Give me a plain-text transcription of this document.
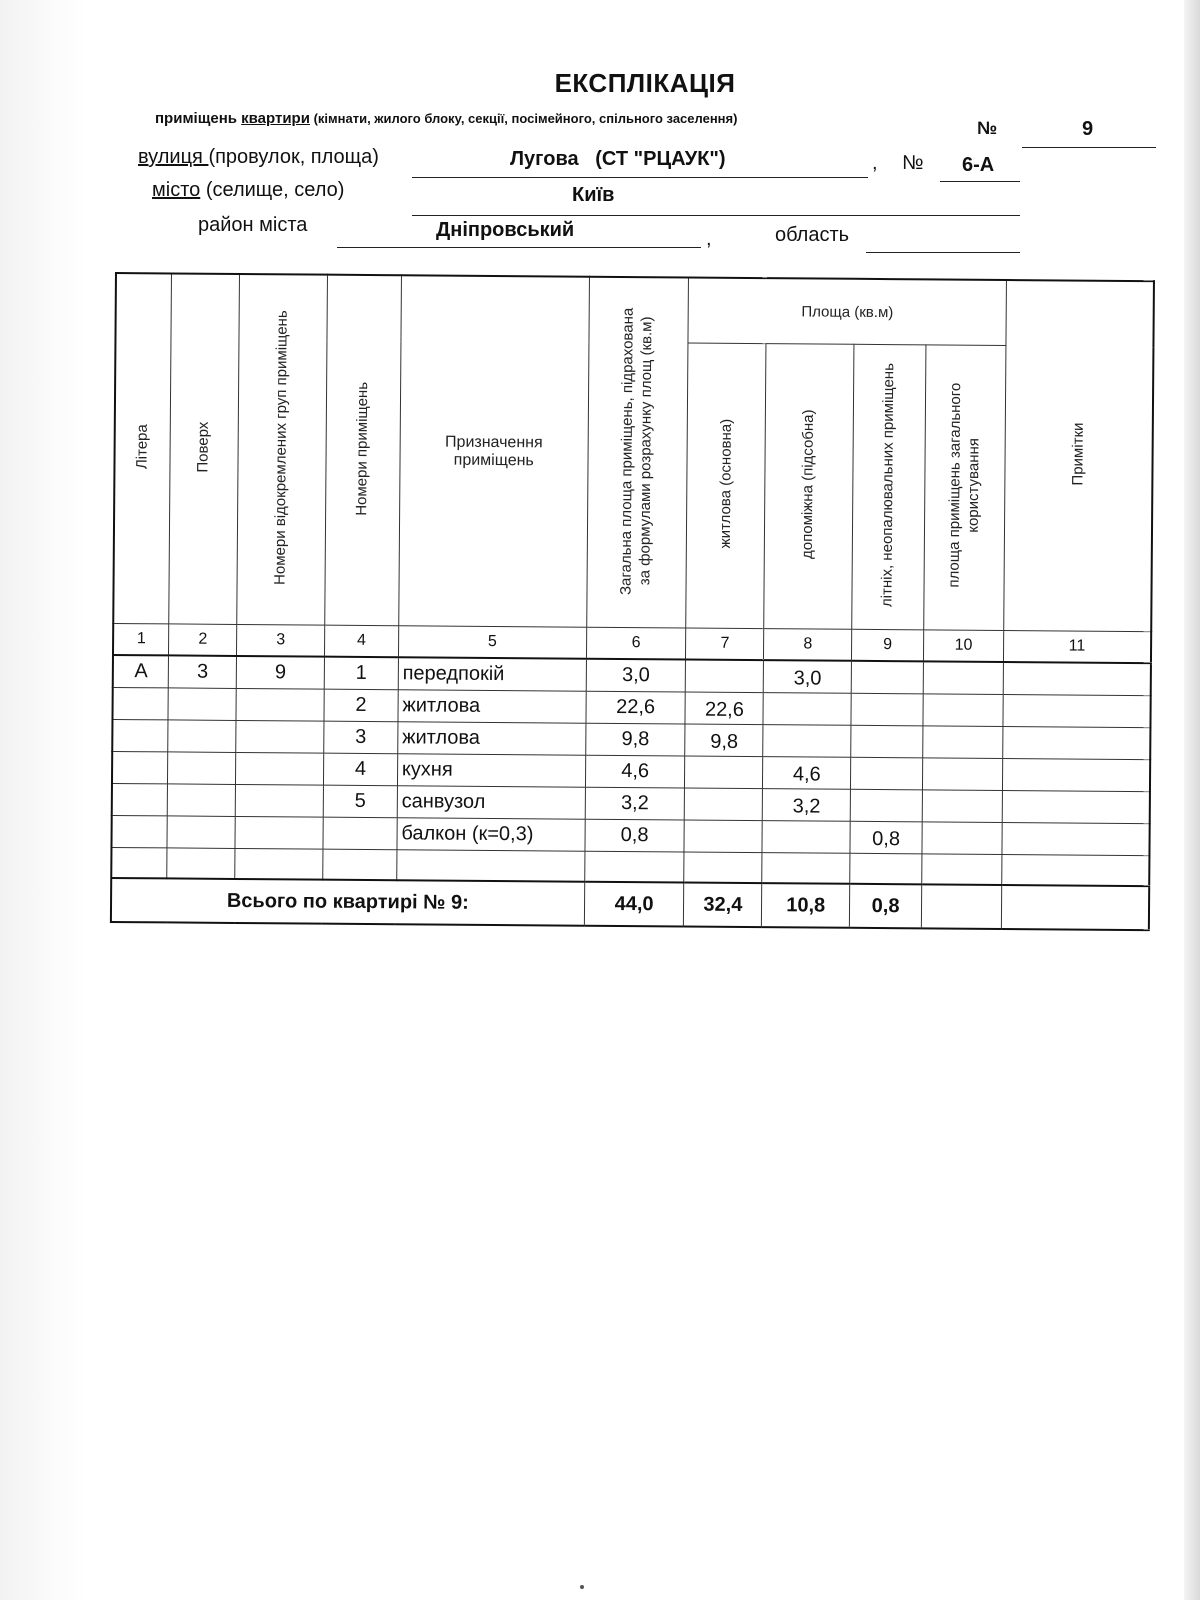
ЕКСПЛІКАЦІЯ
приміщень квартири (кімнати, жилого блоку, секції, посімейного, спільного заселення)	№	9
вулиця (провулок, площа)	Лугова   (СТ "РЦАУК")	, № 6-А
місто (селище, село)	Київ
район міста	Дніпровський	,	область
Літера	Поверх	Номери відокремлених груп приміщень	Номери приміщень	Призначення приміщень	Загальна площа приміщень, підрахована за формулами розрахунку площ (кв.м)	Площа (кв.м)				Примітки
						житлова (основна)	допоміжна (підсобна)	літніх, неопалювальних приміщень	площа приміщень загального користування	
1	2	3	4	5	6	7	8	9	10	11
А	3	9	1	передпокій	3,0		3,0			
			2	житлова	22,6	22,6				
			3	житлова	9,8	9,8				
			4	кухня	4,6		4,6			
			5	санвузол	3,2		3,2			
				балкон (к=0,3)	0,8			0,8		

Всього по квартирі № 9:					44,0	32,4	10,8	0,8		
